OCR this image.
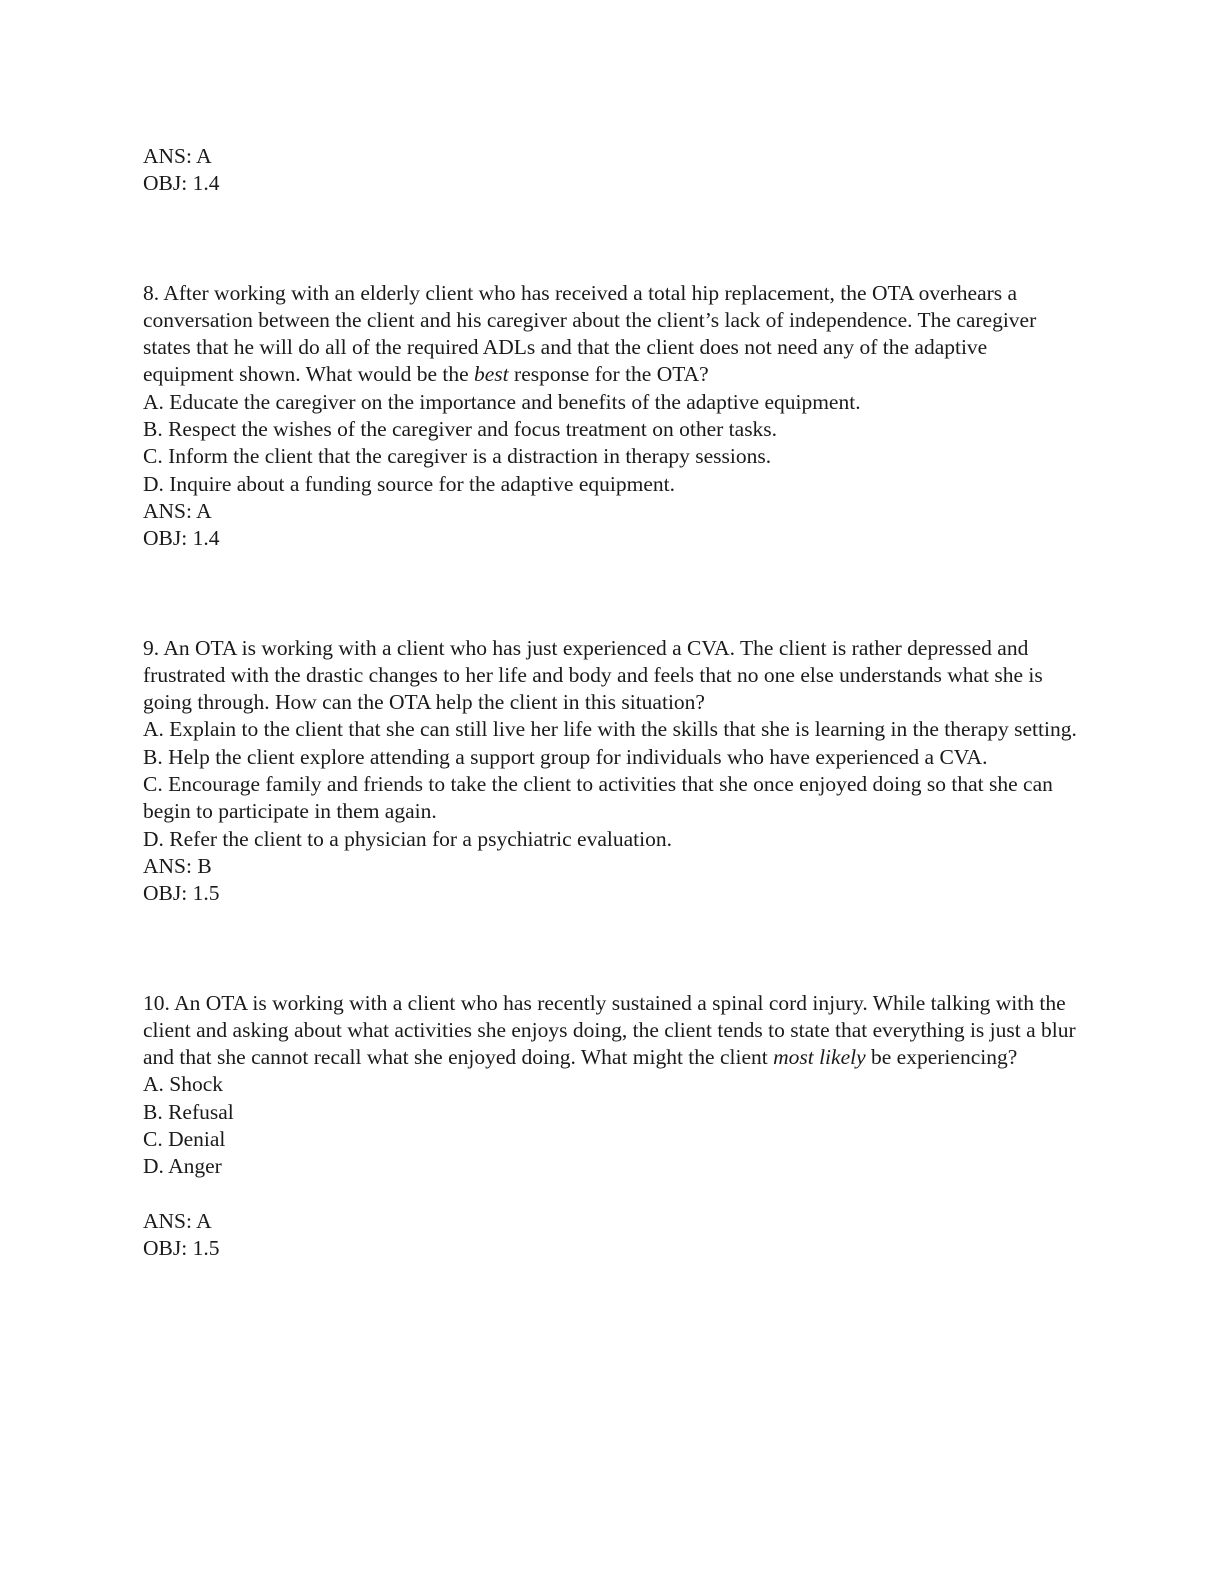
ANS: A
OBJ: 1.4
8. After working with an elderly client who has received a total hip replacement, the OTA overhears a conversation between the client and his caregiver about the client’s lack of independence. The caregiver states that he will do all of the required ADLs and that the client does not need any of the adaptive equipment shown. What would be the best response for the OTA?
A. Educate the caregiver on the importance and benefits of the adaptive equipment.
B. Respect the wishes of the caregiver and focus treatment on other tasks.
C. Inform the client that the caregiver is a distraction in therapy sessions.
D. Inquire about a funding source for the adaptive equipment.
ANS: A
OBJ: 1.4
9. An OTA is working with a client who has just experienced a CVA. The client is rather depressed and frustrated with the drastic changes to her life and body and feels that no one else understands what she is going through. How can the OTA help the client in this situation?
A. Explain to the client that she can still live her life with the skills that she is learning in the therapy setting.
B. Help the client explore attending a support group for individuals who have experienced a CVA.
C. Encourage family and friends to take the client to activities that she once enjoyed doing so that she can begin to participate in them again.
D. Refer the client to a physician for a psychiatric evaluation.
ANS: B
OBJ: 1.5
10. An OTA is working with a client who has recently sustained a spinal cord injury. While talking with the client and asking about what activities she enjoys doing, the client tends to state that everything is just a blur and that she cannot recall what she enjoyed doing. What might the client most likely be experiencing?
A. Shock
B. Refusal
C. Denial
D. Anger
ANS: A
OBJ: 1.5
